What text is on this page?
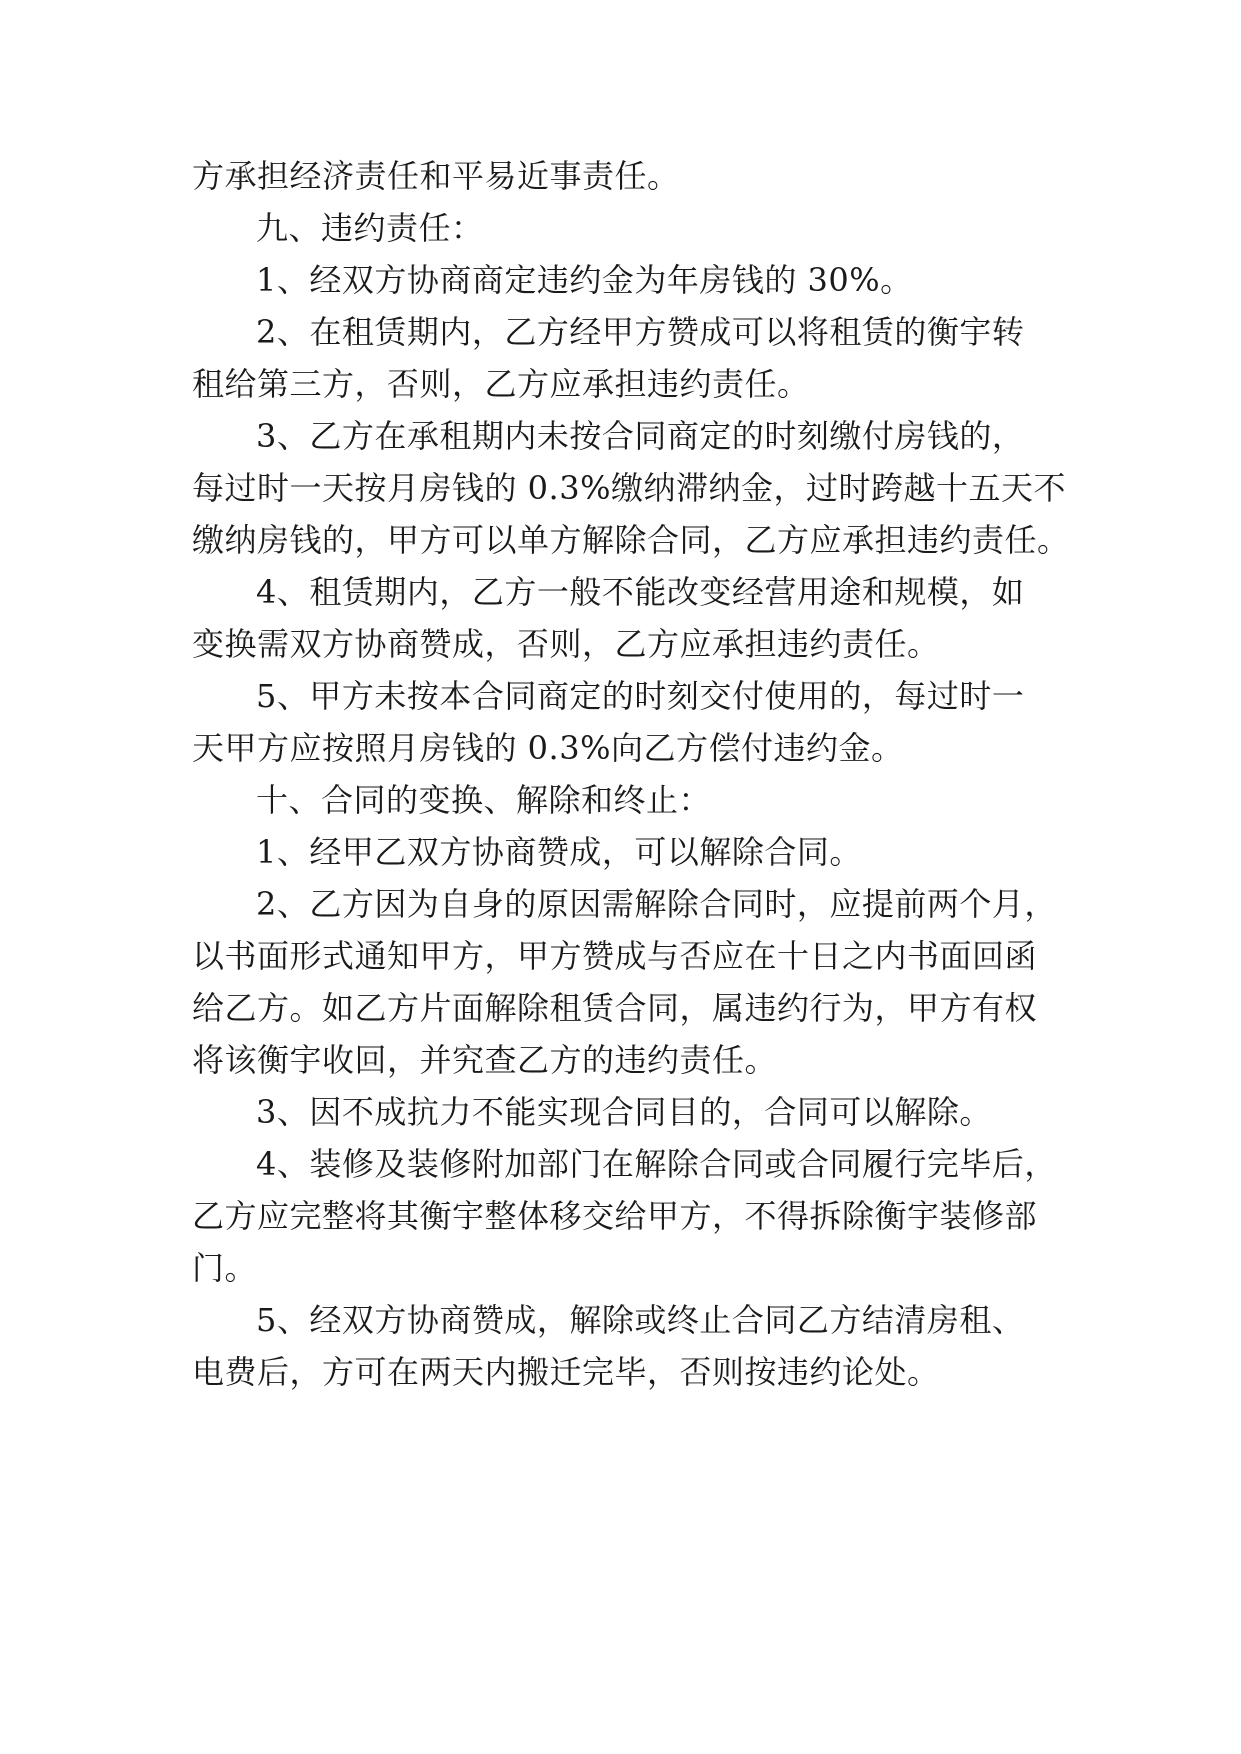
方承担经济责任和平易近事责任。
九、违约责任：
1、经双方协商商定违约金为年房钱的 30%。
2、在租赁期内，乙方经甲方赞成可以将租赁的衡宇转
租给第三方，否则，乙方应承担违约责任。
3、乙方在承租期内未按合同商定的时刻缴付房钱的，
每过时一天按月房钱的 0.3%缴纳滞纳金，过时跨越十五天不
缴纳房钱的，甲方可以单方解除合同，乙方应承担违约责任。
4、租赁期内，乙方一般不能改变经营用途和规模，如
变换需双方协商赞成，否则，乙方应承担违约责任。
5、甲方未按本合同商定的时刻交付使用的，每过时一
天甲方应按照月房钱的 0.3%向乙方偿付违约金。
十、合同的变换、解除和终止：
1、经甲乙双方协商赞成，可以解除合同。
2、乙方因为自身的原因需解除合同时，应提前两个月，
以书面形式通知甲方，甲方赞成与否应在十日之内书面回函
给乙方。如乙方片面解除租赁合同，属违约行为，甲方有权
将该衡宇收回，并究查乙方的违约责任。
3、因不成抗力不能实现合同目的，合同可以解除。
4、装修及装修附加部门在解除合同或合同履行完毕后，
乙方应完整将其衡宇整体移交给甲方，不得拆除衡宇装修部
门。
5、经双方协商赞成，解除或终止合同乙方结清房租、
电费后，方可在两天内搬迁完毕，否则按违约论处。
